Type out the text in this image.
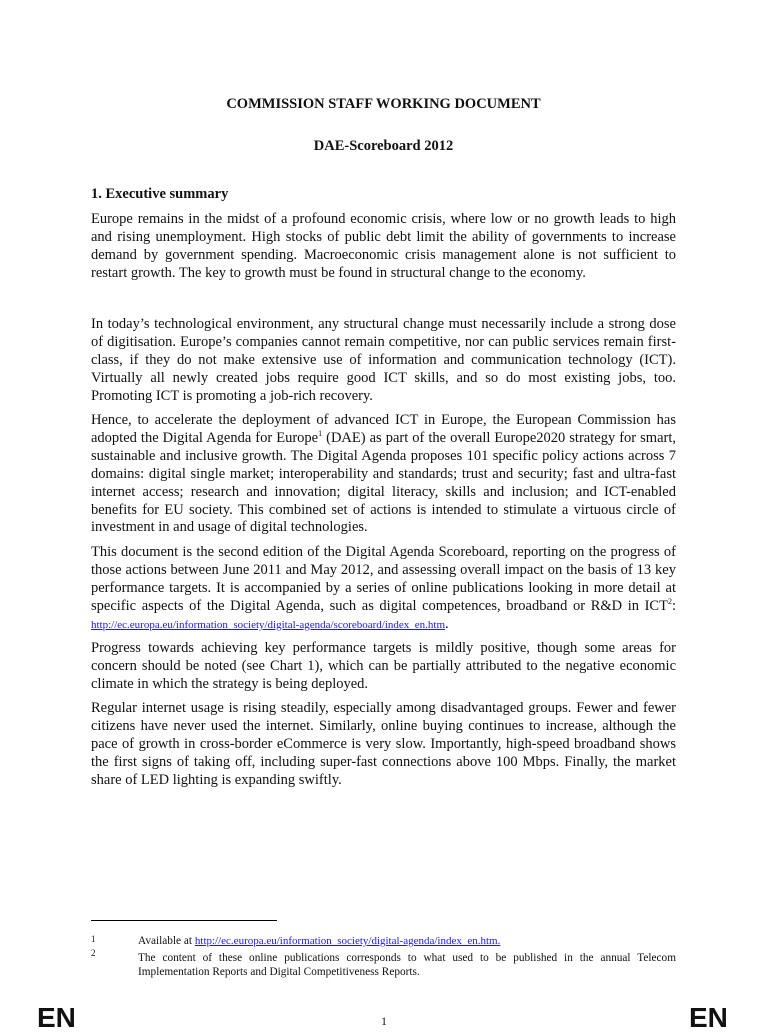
COMMISSION STAFF WORKING DOCUMENT
DAE-Scoreboard 2012
1. Executive summary

Europe remains in the midst of a profound economic crisis, where low or no growth leads to high and rising unemployment. High stocks of public debt limit the ability of governments to increase demand by government spending. Macroeconomic crisis management alone is not sufficient to restart growth. The key to growth must be found in structural change to the economy.

In today’s technological environment, any structural change must necessarily include a strong dose of digitisation. Europe’s companies cannot remain competitive, nor can public services remain first-class, if they do not make extensive use of information and communication technology (ICT). Virtually all newly created jobs require good ICT skills, and so do most existing jobs, too. Promoting ICT is promoting a job-rich recovery.

Hence, to accelerate the deployment of advanced ICT in Europe, the European Commission has adopted the Digital Agenda for Europe$^1$ (DAE) as part of the overall Europe2020 strategy for smart, sustainable and inclusive growth. The Digital Agenda proposes 101 specific policy actions across 7 domains: digital single market; interoperability and standards; trust and security; fast and ultra-fast internet access; research and innovation; digital literacy, skills and inclusion; and ICT-enabled benefits for EU society. This combined set of actions is intended to stimulate a virtuous circle of investment in and usage of digital technologies.

This document is the second edition of the Digital Agenda Scoreboard, reporting on the progress of those actions between June 2011 and May 2012, and assessing overall impact on the basis of 13 key performance targets. It is accompanied by a series of online publications looking in more detail at specific aspects of the Digital Agenda, such as digital competences, broadband or R&D in ICT$^2$: http://ec.europa.eu/information_society/digital-agenda/scoreboard/index_en.htm.

Progress towards achieving key performance targets is mildly positive, though some areas for concern should be noted (see Chart 1), which can be partially attributed to the negative economic climate in which the strategy is being deployed.

Regular internet usage is rising steadily, especially among disadvantaged groups. Fewer and fewer citizens have never used the internet. Similarly, online buying continues to increase, although the pace of growth in cross-border eCommerce is very slow. Importantly, high-speed broadband shows the first signs of taking off, including super-fast connections above 100 Mbps. Finally, the market share of LED lighting is expanding swiftly.

1	Available at http://ec.europa.eu/information_society/digital-agenda/index_en.htm.
2	The content of these online publications corresponds to what used to be published in the annual Telecom Implementation Reports and Digital Competitiveness Reports.
EN	1	EN
